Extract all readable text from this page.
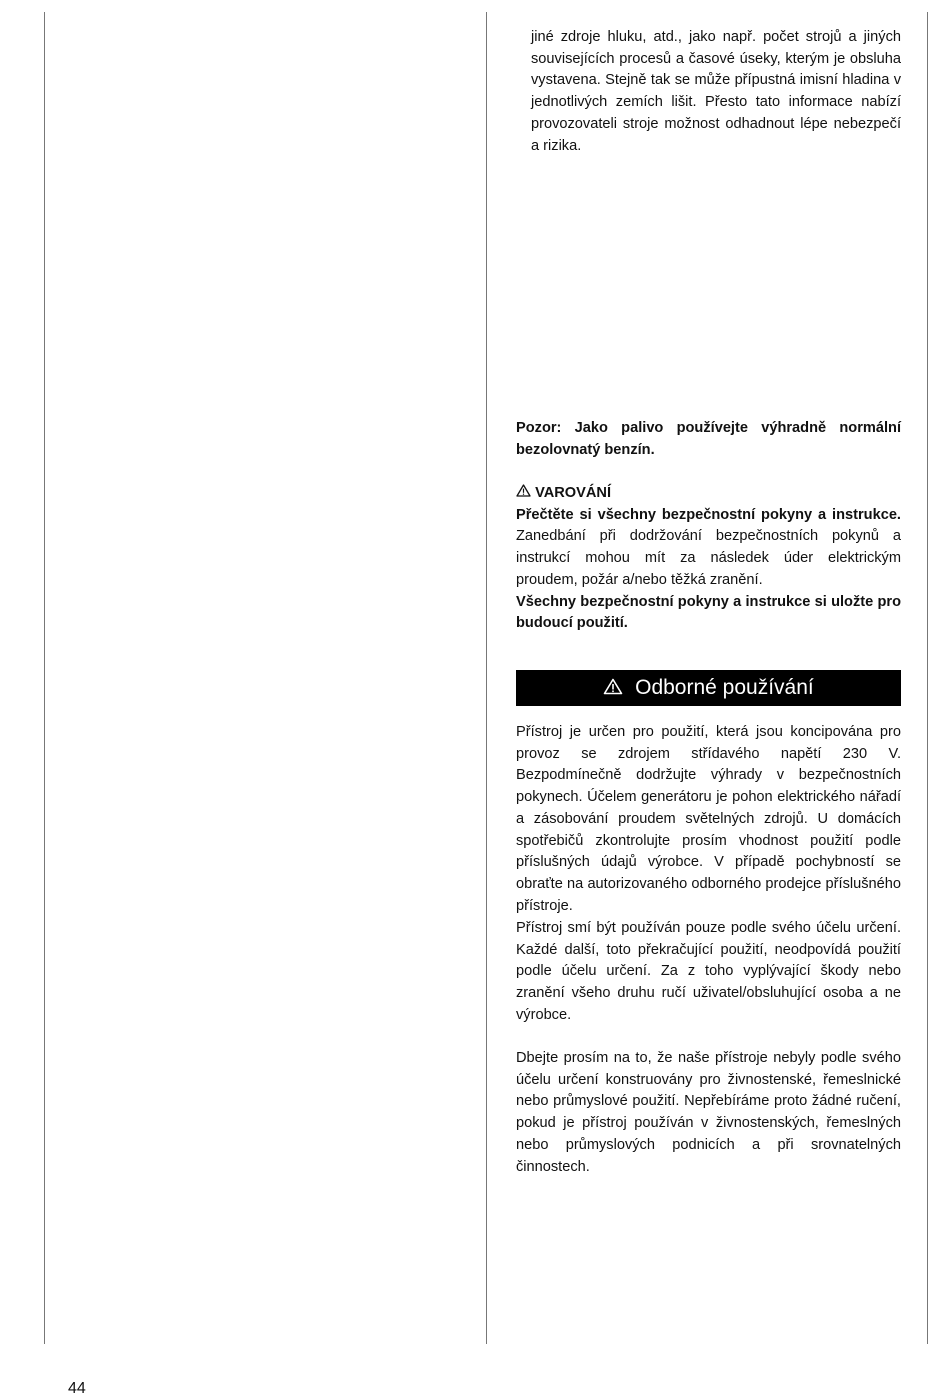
jiné zdroje hluku, atd., jako např. počet strojů a jiných souvisejících procesů a časové úseky, kterým je obsluha vystavena. Stejně tak se může přípustná imisní hladina v jednotlivých zemích lišit. Přesto tato informace nabízí provozovateli stroje možnost odhadnout lépe nebezpečí a rizika.

Pozor: Jako palivo používejte výhradně normální bezolovnatý benzín.

VAROVÁNÍ

Přečtěte si všechny bezpečnostní pokyny a instrukce. Zanedbání při dodržování bezpečnostních pokynů a instrukcí mohou mít za následek úder elektrickým proudem, požár a/nebo těžká zranění.

Všechny bezpečnostní pokyny a instrukce si uložte pro budoucí použití.

Odborné používání

Přístroj je určen pro použití, která jsou koncipována pro provoz se zdrojem střídavého napětí 230 V. Bezpodmínečně dodržujte výhrady v bezpečnostních pokynech. Účelem generátoru je pohon elektrického nářadí a zásobování proudem světelných zdrojů. U domácích spotřebičů zkontrolujte prosím vhodnost použití podle příslušných údajů výrobce. V případě pochybností se obraťte na autorizovaného odborného prodejce příslušného přístroje.

Přístroj smí být používán pouze podle svého účelu určení. Každé další, toto překračující použití, neodpovídá použití podle účelu určení. Za z toho vyplývající škody nebo zranění všeho druhu ručí uživatel/obsluhující osoba a ne výrobce.

Dbejte prosím na to, že naše přístroje nebyly podle svého účelu určení konstruovány pro živnostenské, řemeslnické nebo průmyslové použití. Nepřebíráme proto žádné ručení, pokud je přístroj používán v živnostenských, řemeslných nebo průmyslových podnicích a při srovnatelných činnostech.

44
